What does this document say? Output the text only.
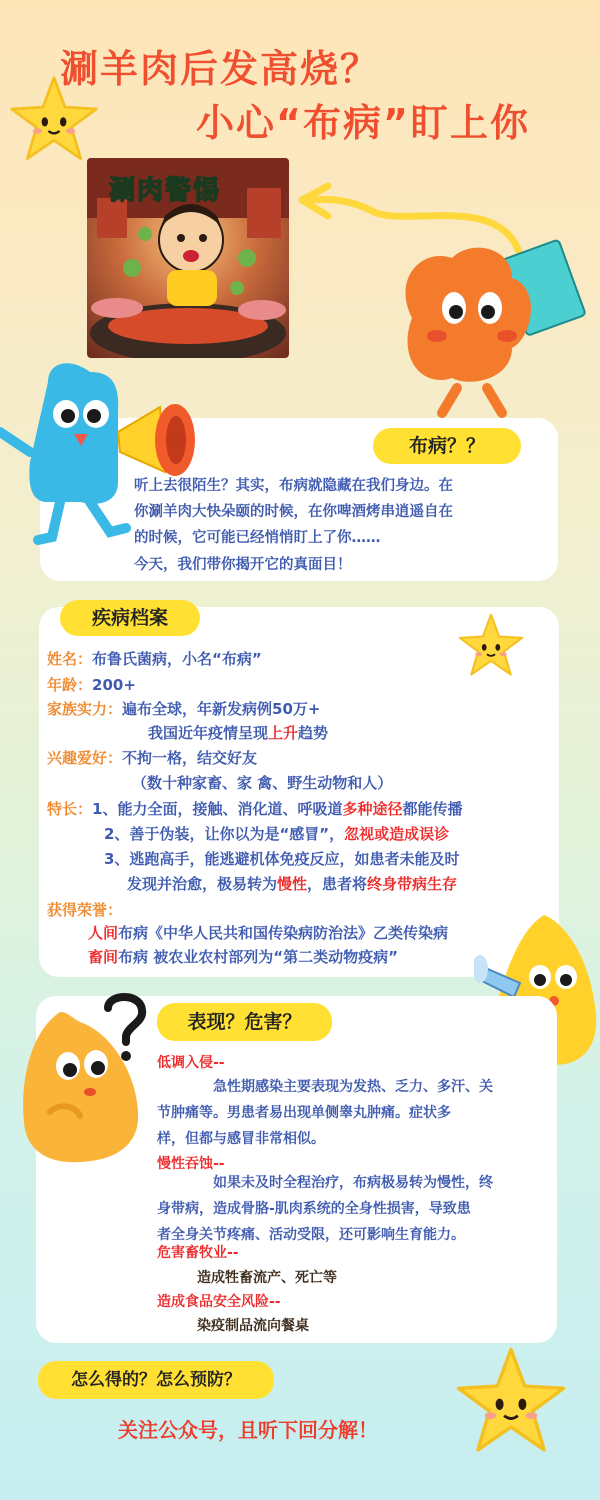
涮羊肉后发高烧？
小心“布病”盯上你
涮肉警惕
布病？？
听上去很陌生？其实，布病就隐藏在我们身边。在
你涮羊肉大快朵颐的时候，在你啤酒烤串逍遥自在
的时候，它可能已经悄悄盯上了你……
今天，我们带你揭开它的真面目！
疾病档案
姓名：布鲁氏菌病，小名“布病”
年龄：200+
家族实力：遍布全球，年新发病例50万+
我国近年疫情呈现上升趋势
兴趣爱好：不拘一格，结交好友
（数十种家畜、家 禽、野生动物和人）
特长：1、能力全面，接触、消化道、呼吸道多种途径都能传播
2、善于伪装，让你以为是“感冒”，忽视或造成误诊
3、逃跑高手，能逃避机体免疫反应，如患者未能及时
发现并治愈，极易转为慢性，患者将终身带病生存
获得荣誉：
人间布病《中华人民共和国传染病防治法》乙类传染病
畜间布病 被农业农村部列为“第二类动物疫病”
表现？危害？
低调入侵--
急性期感染主要表现为发热、乏力、多汗、关
节肿痛等。男患者易出现单侧睾丸肿痛。症状多
样，但都与感冒非常相似。
慢性吞蚀--
如果未及时全程治疗，布病极易转为慢性，终
身带病，造成骨胳-肌肉系统的全身性损害，导致患
者全身关节疼痛、活动受限，还可影响生育能力。
危害畜牧业--
造成牲畜流产、死亡等
造成食品安全风险--
染疫制品流向餐桌
怎么得的？怎么预防？
关注公众号，且听下回分解！
